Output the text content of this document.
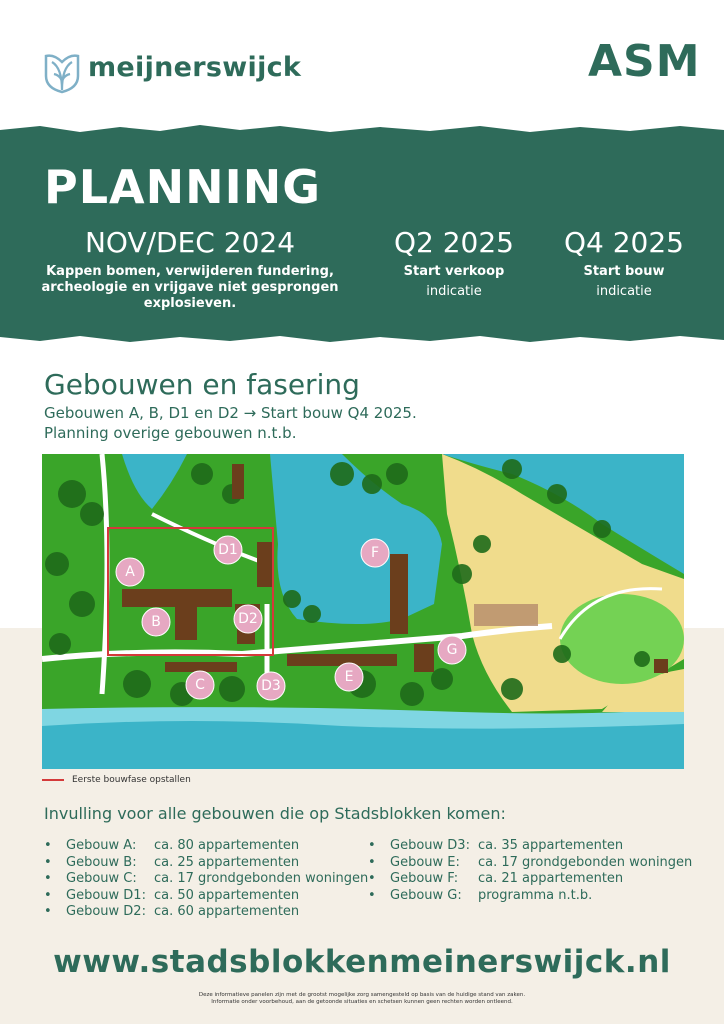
meijnerswijck	ASM
PLANNING
NOV/DEC 2024
Kappen bomen, verwijderen fundering, archeologie en vrijgave niet gesprongen explosieven.
Q2 2025
Start verkoop
indicatie
Q4 2025
Start bouw
indicatie
Gebouwen en fasering
Gebouwen A, B, D1 en D2 → Start bouw Q4 2025.
Planning overige gebouwen n.t.b.
A
B
C
D1
D2
D3
E
F
G
Eerste bouwfase opstallen
Invulling voor alle gebouwen die op Stadsblokken komen:
• Gebouw A: ca. 80 appartementen
• Gebouw B: ca. 25 appartementen
• Gebouw C: ca. 17 grondgebonden woningen
• Gebouw D1: ca. 50 appartementen
• Gebouw D2: ca. 60 appartementen
• Gebouw D3: ca. 35 appartementen
• Gebouw E: ca. 17 grondgebonden woningen
• Gebouw F: ca. 21 appartementen
• Gebouw G: programma n.t.b.
www.stadsblokkenmeinerswijck.nl
Deze informatieve panelen zijn met de grootst mogelijke zorg samengesteld op basis van de huidige stand van zaken.
Informatie onder voorbehoud, aan de getoonde situaties en schetsen kunnen geen rechten worden ontleend.
